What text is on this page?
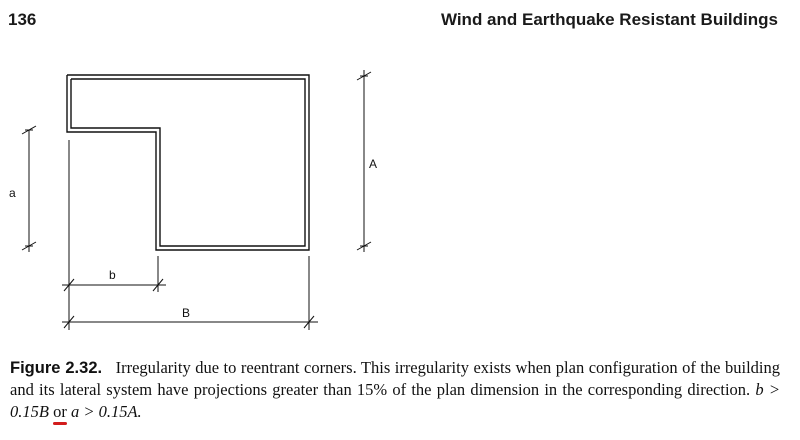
136	Wind and Earthquake Resistant Buildings
a
A
b
B
Figure 2.32. Irregularity due to reentrant corners. This irregularity exists when plan configuration of the building and its lateral system have projections greater than 15% of the plan dimension in the corresponding direction. b > 0.15B or a > 0.15A.
